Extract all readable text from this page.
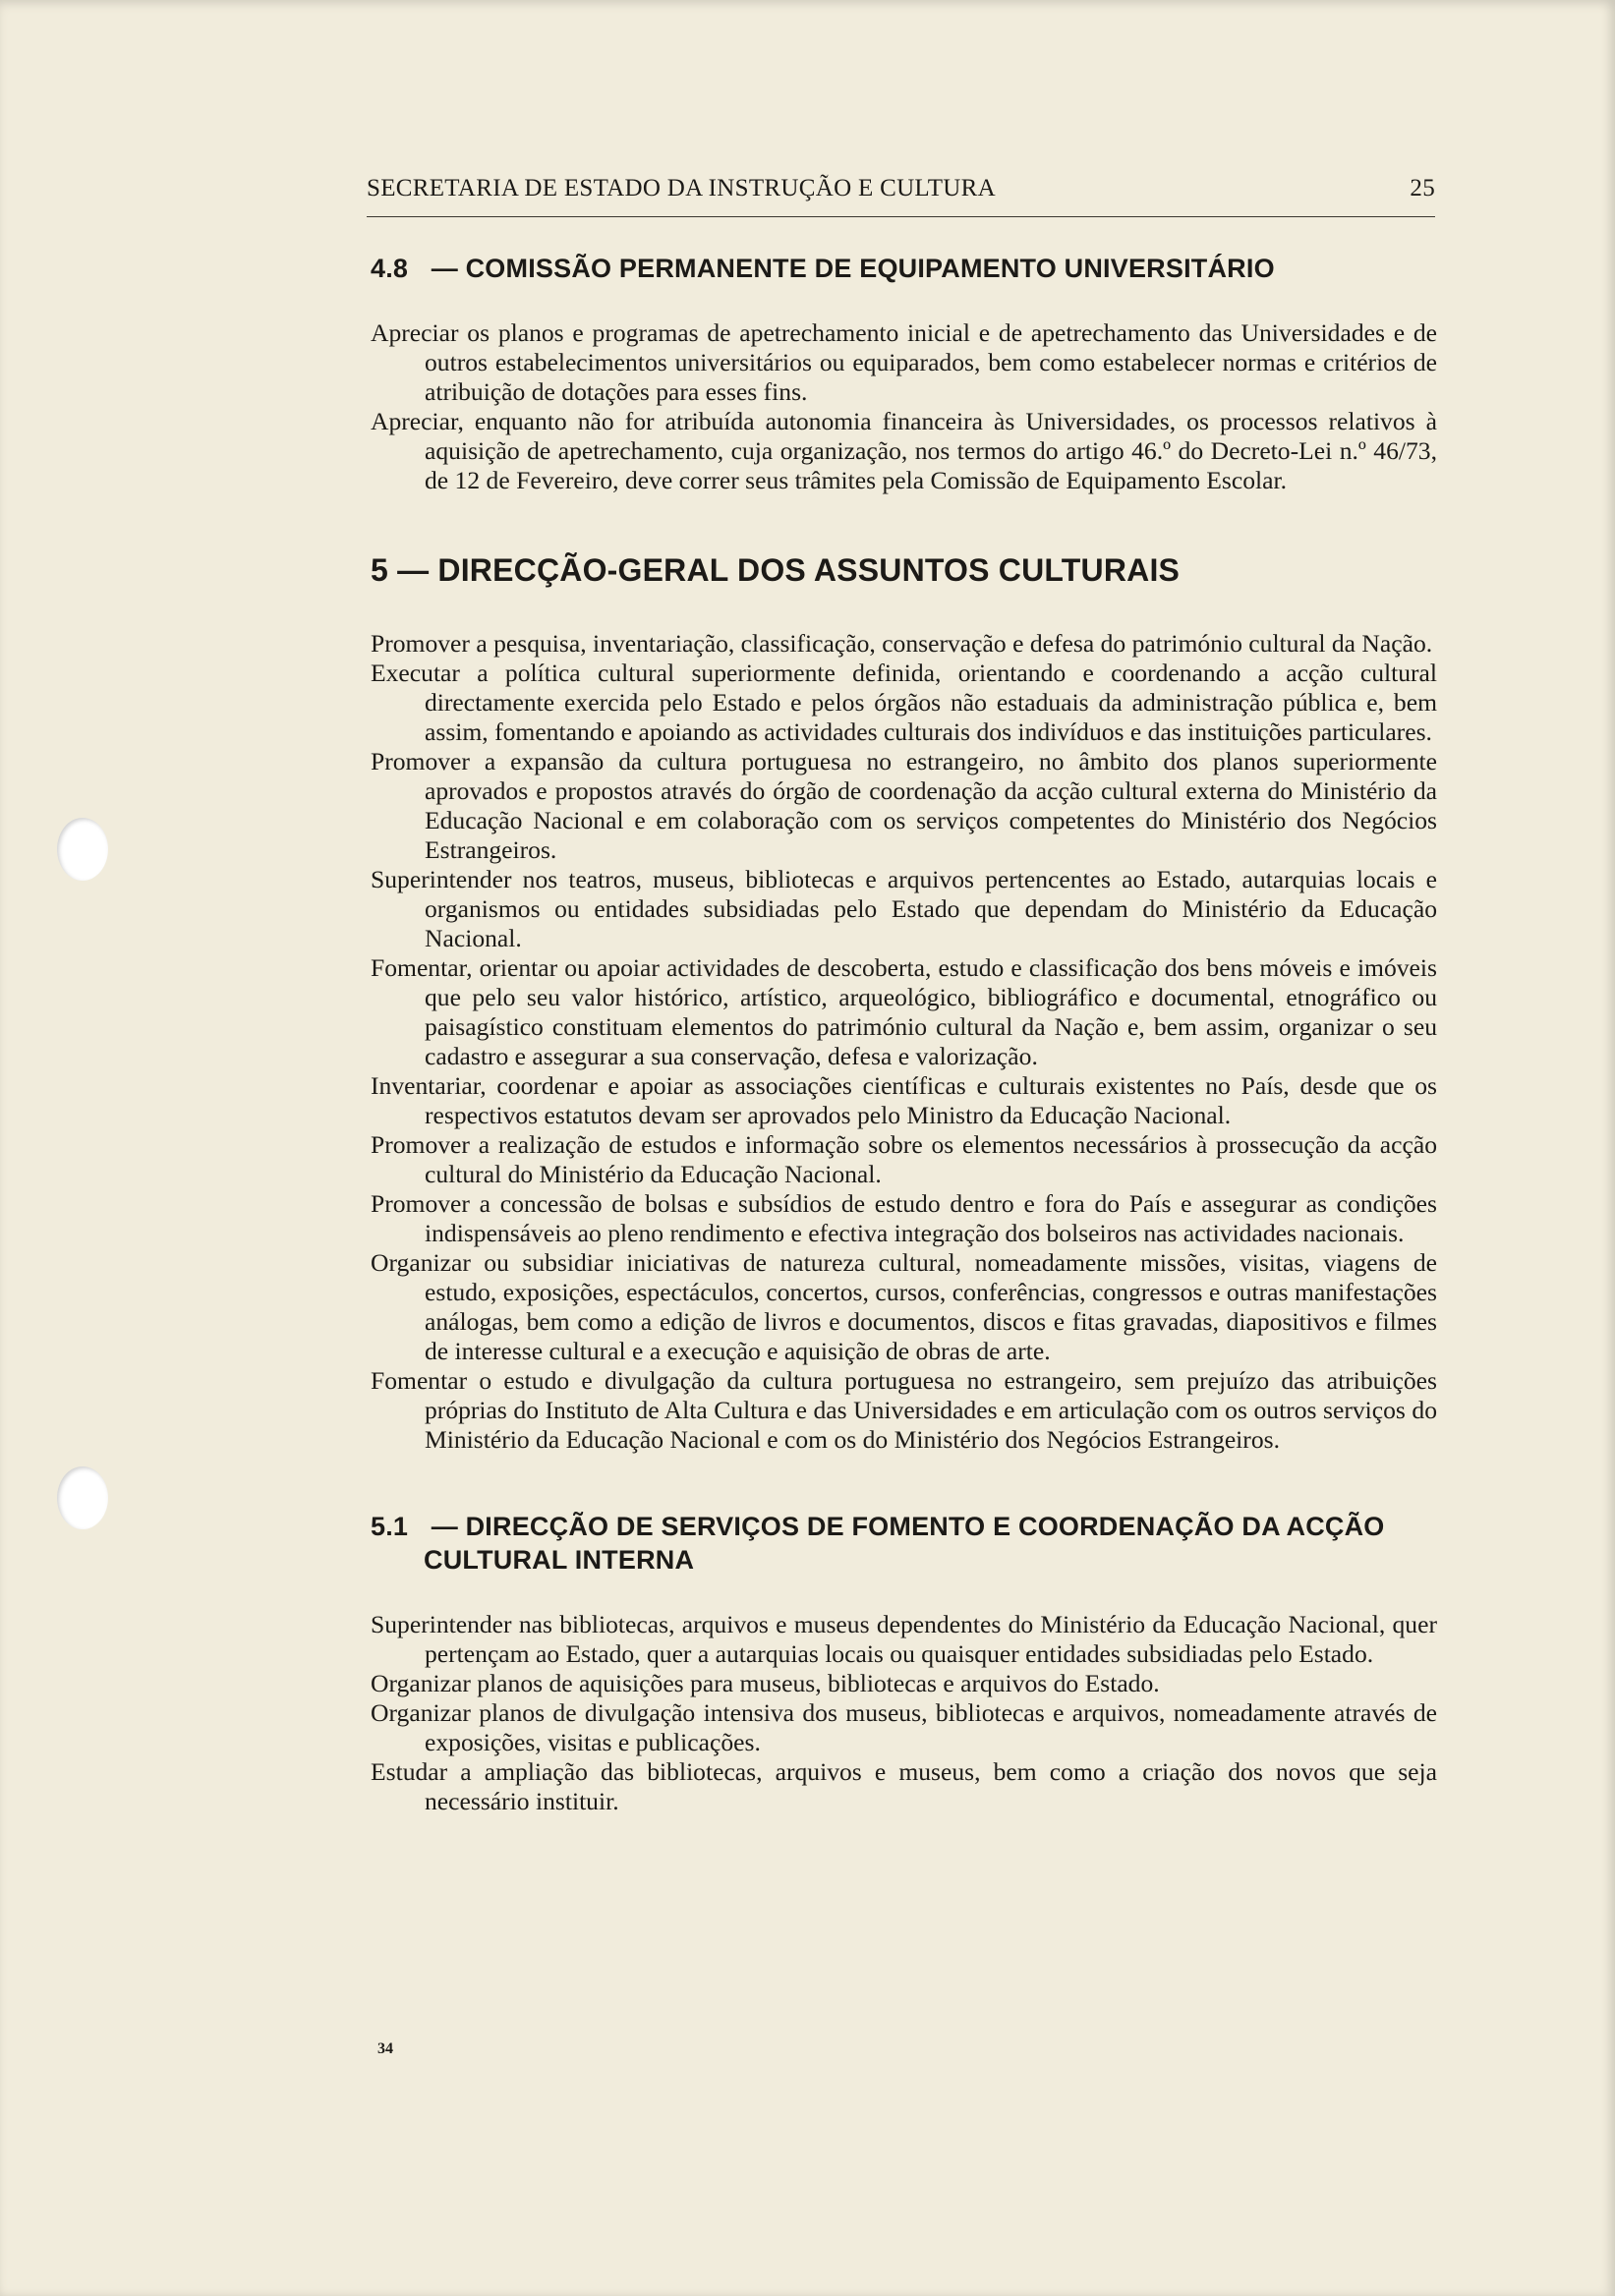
SECRETARIA DE ESTADO DA INSTRUÇÃO E CULTURA	25
4.8 — COMISSÃO PERMANENTE DE EQUIPAMENTO UNIVERSITÁRIO

Apreciar os planos e programas de apetrechamento inicial e de apetrechamento das Universidades e de outros estabelecimentos universitários ou equiparados, bem como estabelecer normas e critérios de atribuição de dotações para esses fins.

Apreciar, enquanto não for atribuída autonomia financeira às Universidades, os processos relativos à aquisição de apetrechamento, cuja organização, nos termos do artigo 46.º do Decreto-Lei n.º 46/73, de 12 de Fevereiro, deve correr seus trâmites pela Comissão de Equipamento Escolar.

5 — DIRECÇÃO-GERAL DOS ASSUNTOS CULTURAIS

Promover a pesquisa, inventariação, classificação, conservação e defesa do património cultural da Nação.

Executar a política cultural superiormente definida, orientando e coordenando a acção cultural directamente exercida pelo Estado e pelos órgãos não estaduais da administração pública e, bem assim, fomentando e apoiando as actividades culturais dos indivíduos e das instituições particulares.

Promover a expansão da cultura portuguesa no estrangeiro, no âmbito dos planos superiormente aprovados e propostos através do órgão de coordenação da acção cultural externa do Ministério da Educação Nacional e em colaboração com os serviços competentes do Ministério dos Negócios Estrangeiros.

Superintender nos teatros, museus, bibliotecas e arquivos pertencentes ao Estado, autarquias locais e organismos ou entidades subsidiadas pelo Estado que dependam do Ministério da Educação Nacional.

Fomentar, orientar ou apoiar actividades de descoberta, estudo e classificação dos bens móveis e imóveis que pelo seu valor histórico, artístico, arqueológico, bibliográfico e documental, etnográfico ou paisagístico constituam elementos do património cultural da Nação e, bem assim, organizar o seu cadastro e assegurar a sua conservação, defesa e valorização.

Inventariar, coordenar e apoiar as associações científicas e culturais existentes no País, desde que os respectivos estatutos devam ser aprovados pelo Ministro da Educação Nacional.

Promover a realização de estudos e informação sobre os elementos necessários à prossecução da acção cultural do Ministério da Educação Nacional.

Promover a concessão de bolsas e subsídios de estudo dentro e fora do País e assegurar as condições indispensáveis ao pleno rendimento e efectiva integração dos bolseiros nas actividades nacionais.

Organizar ou subsidiar iniciativas de natureza cultural, nomeadamente missões, visitas, viagens de estudo, exposições, espectáculos, concertos, cursos, conferências, congressos e outras manifestações análogas, bem como a edição de livros e documentos, discos e fitas gravadas, diapositivos e filmes de interesse cultural e a execução e aquisição de obras de arte.

Fomentar o estudo e divulgação da cultura portuguesa no estrangeiro, sem prejuízo das atribuições próprias do Instituto de Alta Cultura e das Universidades e em articulação com os outros serviços do Ministério da Educação Nacional e com os do Ministério dos Negócios Estrangeiros.

5.1 — DIRECÇÃO DE SERVIÇOS DE FOMENTO E COORDENAÇÃO DA ACÇÃO CULTURAL INTERNA

Superintender nas bibliotecas, arquivos e museus dependentes do Ministério da Educação Nacional, quer pertençam ao Estado, quer a autarquias locais ou quaisquer entidades subsidiadas pelo Estado.

Organizar planos de aquisições para museus, bibliotecas e arquivos do Estado.

Organizar planos de divulgação intensiva dos museus, bibliotecas e arquivos, nomeadamente através de exposições, visitas e publicações.

Estudar a ampliação das bibliotecas, arquivos e museus, bem como a criação dos novos que seja necessário instituir.

34
